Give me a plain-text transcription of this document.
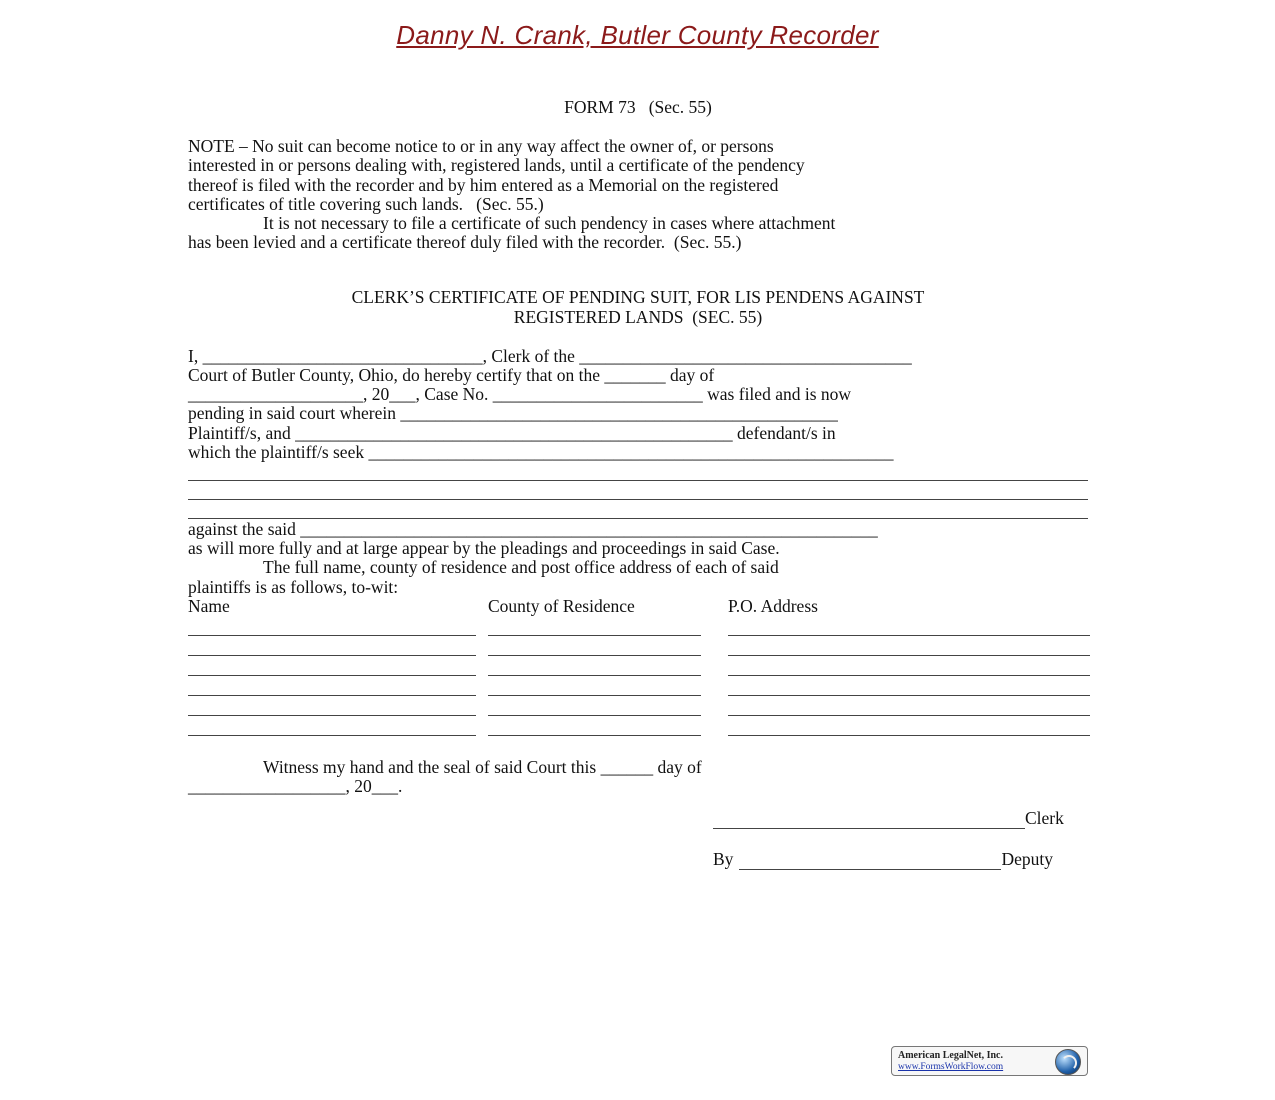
Danny N. Crank, Butler County Recorder
FORM 73   (Sec. 55)
NOTE – No suit can become notice to or in any way affect the owner of, or persons
interested in or persons dealing with, registered lands, until a certificate of the pendency
thereof is filed with the recorder and by him entered as a Memorial on the registered
certificates of title covering such lands.   (Sec. 55.)
It is not necessary to file a certificate of such pendency in cases where attachment
has been levied and a certificate thereof duly filed with the recorder.  (Sec. 55.)
CLERK’S CERTIFICATE OF PENDING SUIT, FOR LIS PENDENS AGAINST
REGISTERED LANDS  (SEC. 55)
I, ________________________________, Clerk of the ______________________________________
Court of Butler County, Ohio, do hereby certify that on the _______ day of
____________________, 20___, Case No. ________________________ was filed and is now
pending in said court wherein __________________________________________________
Plaintiff/s, and __________________________________________________ defendant/s in
which the plaintiff/s seek ____________________________________________________________
against the said __________________________________________________________________
as will more fully and at large appear by the pleadings and proceedings in said Case.
The full name, county of residence and post office address of each of said
plaintiffs is as follows, to-wit:
Name	County of Residence	P.O. Address
Witness my hand and the seal of said Court this ______ day of
__________________, 20___.
Clerk
By	Deputy
American LegalNet, Inc.
www.FormsWorkFlow.com
